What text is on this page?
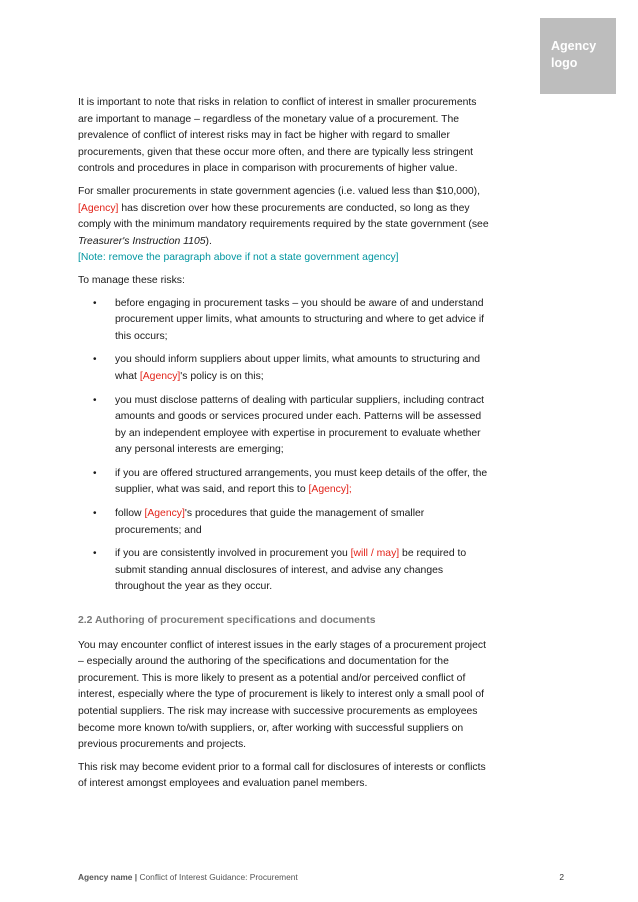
Agency
logo

It is important to note that risks in relation to conflict of interest in smaller procurements are important to manage – regardless of the monetary value of a procurement. The prevalence of conflict of interest risks may in fact be higher with regard to smaller procurements, given that these occur more often, and there are typically less stringent controls and procedures in place in comparison with procurements of higher value.

For smaller procurements in state government agencies (i.e. valued less than $10,000), [Agency] has discretion over how these procurements are conducted, so long as they comply with the minimum mandatory requirements required by the state government (see Treasurer's Instruction 1105).

[Note: remove the paragraph above if not a state government agency]

To manage these risks:

• before engaging in procurement tasks – you should be aware of and understand procurement upper limits, what amounts to structuring and where to get advice if this occurs;
• you should inform suppliers about upper limits, what amounts to structuring and what [Agency]'s policy is on this;
• you must disclose patterns of dealing with particular suppliers, including contract amounts and goods or services procured under each. Patterns will be assessed by an independent employee with expertise in procurement to evaluate whether any personal interests are emerging;
• if you are offered structured arrangements, you must keep details of the offer, the supplier, what was said, and report this to [Agency];
• follow [Agency]'s procedures that guide the management of smaller procurements; and
• if you are consistently involved in procurement you [will / may] be required to submit standing annual disclosures of interest, and advise any changes throughout the year as they occur.
2.2 Authoring of procurement specifications and documents

You may encounter conflict of interest issues in the early stages of a procurement project – especially around the authoring of the specifications and documentation for the procurement. This is more likely to present as a potential and/or perceived conflict of interest, especially where the type of procurement is likely to interest only a small pool of potential suppliers. The risk may increase with successive procurements as employees become more known to/with suppliers, or, after working with successful suppliers on previous procurements and projects.

This risk may become evident prior to a formal call for disclosures of interests or conflicts of interest amongst employees and evaluation panel members.

Agency name | Conflict of Interest Guidance: Procurement	2
